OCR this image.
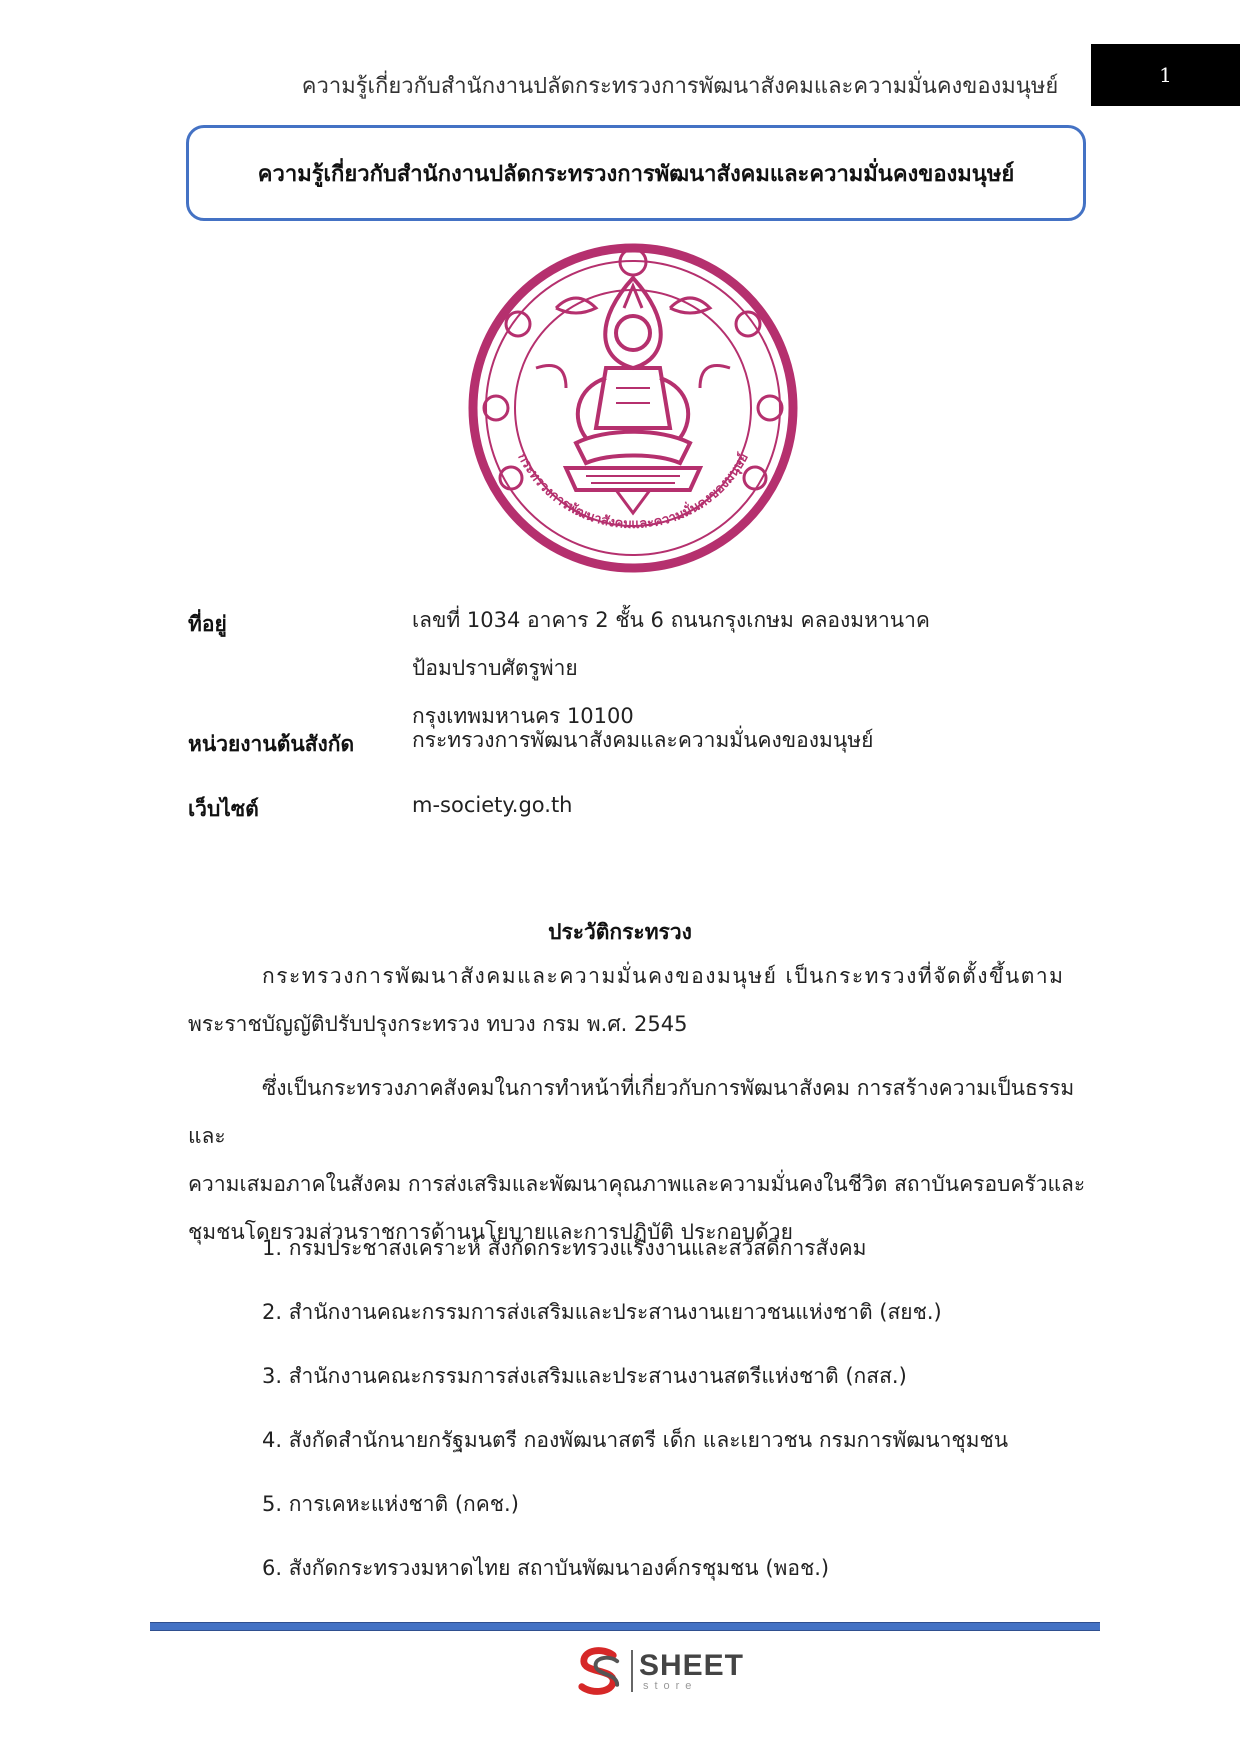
ความรู้เกี่ยวกับสำนักงานปลัดกระทรวงการพัฒนาสังคมและความมั่นคงของมนุษย์	1
ความรู้เกี่ยวกับสำนักงานปลัดกระทรวงการพัฒนาสังคมและความมั่นคงของมนุษย์
กระทรวงการพัฒนาสังคมและความมั่นคงของมนุษย์
ที่อยู่	เลขที่ 1034 อาคาร 2 ชั้น 6 ถนนกรุงเกษม คลองมหานาค ป้อมปราบศัตรูพ่าย
กรุงเทพมหานคร 10100
หน่วยงานต้นสังกัด	กระทรวงการพัฒนาสังคมและความมั่นคงของมนุษย์
เว็บไซต์	m-society.go.th
ประวัติกระทรวง
กระทรวงการพัฒนาสังคมและความมั่นคงของมนุษย์ เป็นกระทรวงที่จัดตั้งขึ้นตาม
พระราชบัญญัติปรับปรุงกระทรวง ทบวง กรม พ.ศ. 2545
ซึ่งเป็นกระทรวงภาคสังคมในการทำหน้าที่เกี่ยวกับการพัฒนาสังคม การสร้างความเป็นธรรมและ
ความเสมอภาคในสังคม การส่งเสริมและพัฒนาคุณภาพและความมั่นคงในชีวิต สถาบันครอบครัวและ
ชุมชนโดยรวมส่วนราชการด้านนโยบายและการปฏิบัติ ประกอบด้วย
1. กรมประชาสงเคราะห์ สังกัดกระทรวงแรงงานและสวัสดิการสังคม
2. สำนักงานคณะกรรมการส่งเสริมและประสานงานเยาวชนแห่งชาติ (สยช.)
3. สำนักงานคณะกรรมการส่งเสริมและประสานงานสตรีแห่งชาติ (กสส.)
4. สังกัดสำนักนายกรัฐมนตรี กองพัฒนาสตรี เด็ก และเยาวชน กรมการพัฒนาชุมชน
5. การเคหะแห่งชาติ (กคช.)
6. สังกัดกระทรวงมหาดไทย สถาบันพัฒนาองค์กรชุมชน (พอช.)
SHEET
store
